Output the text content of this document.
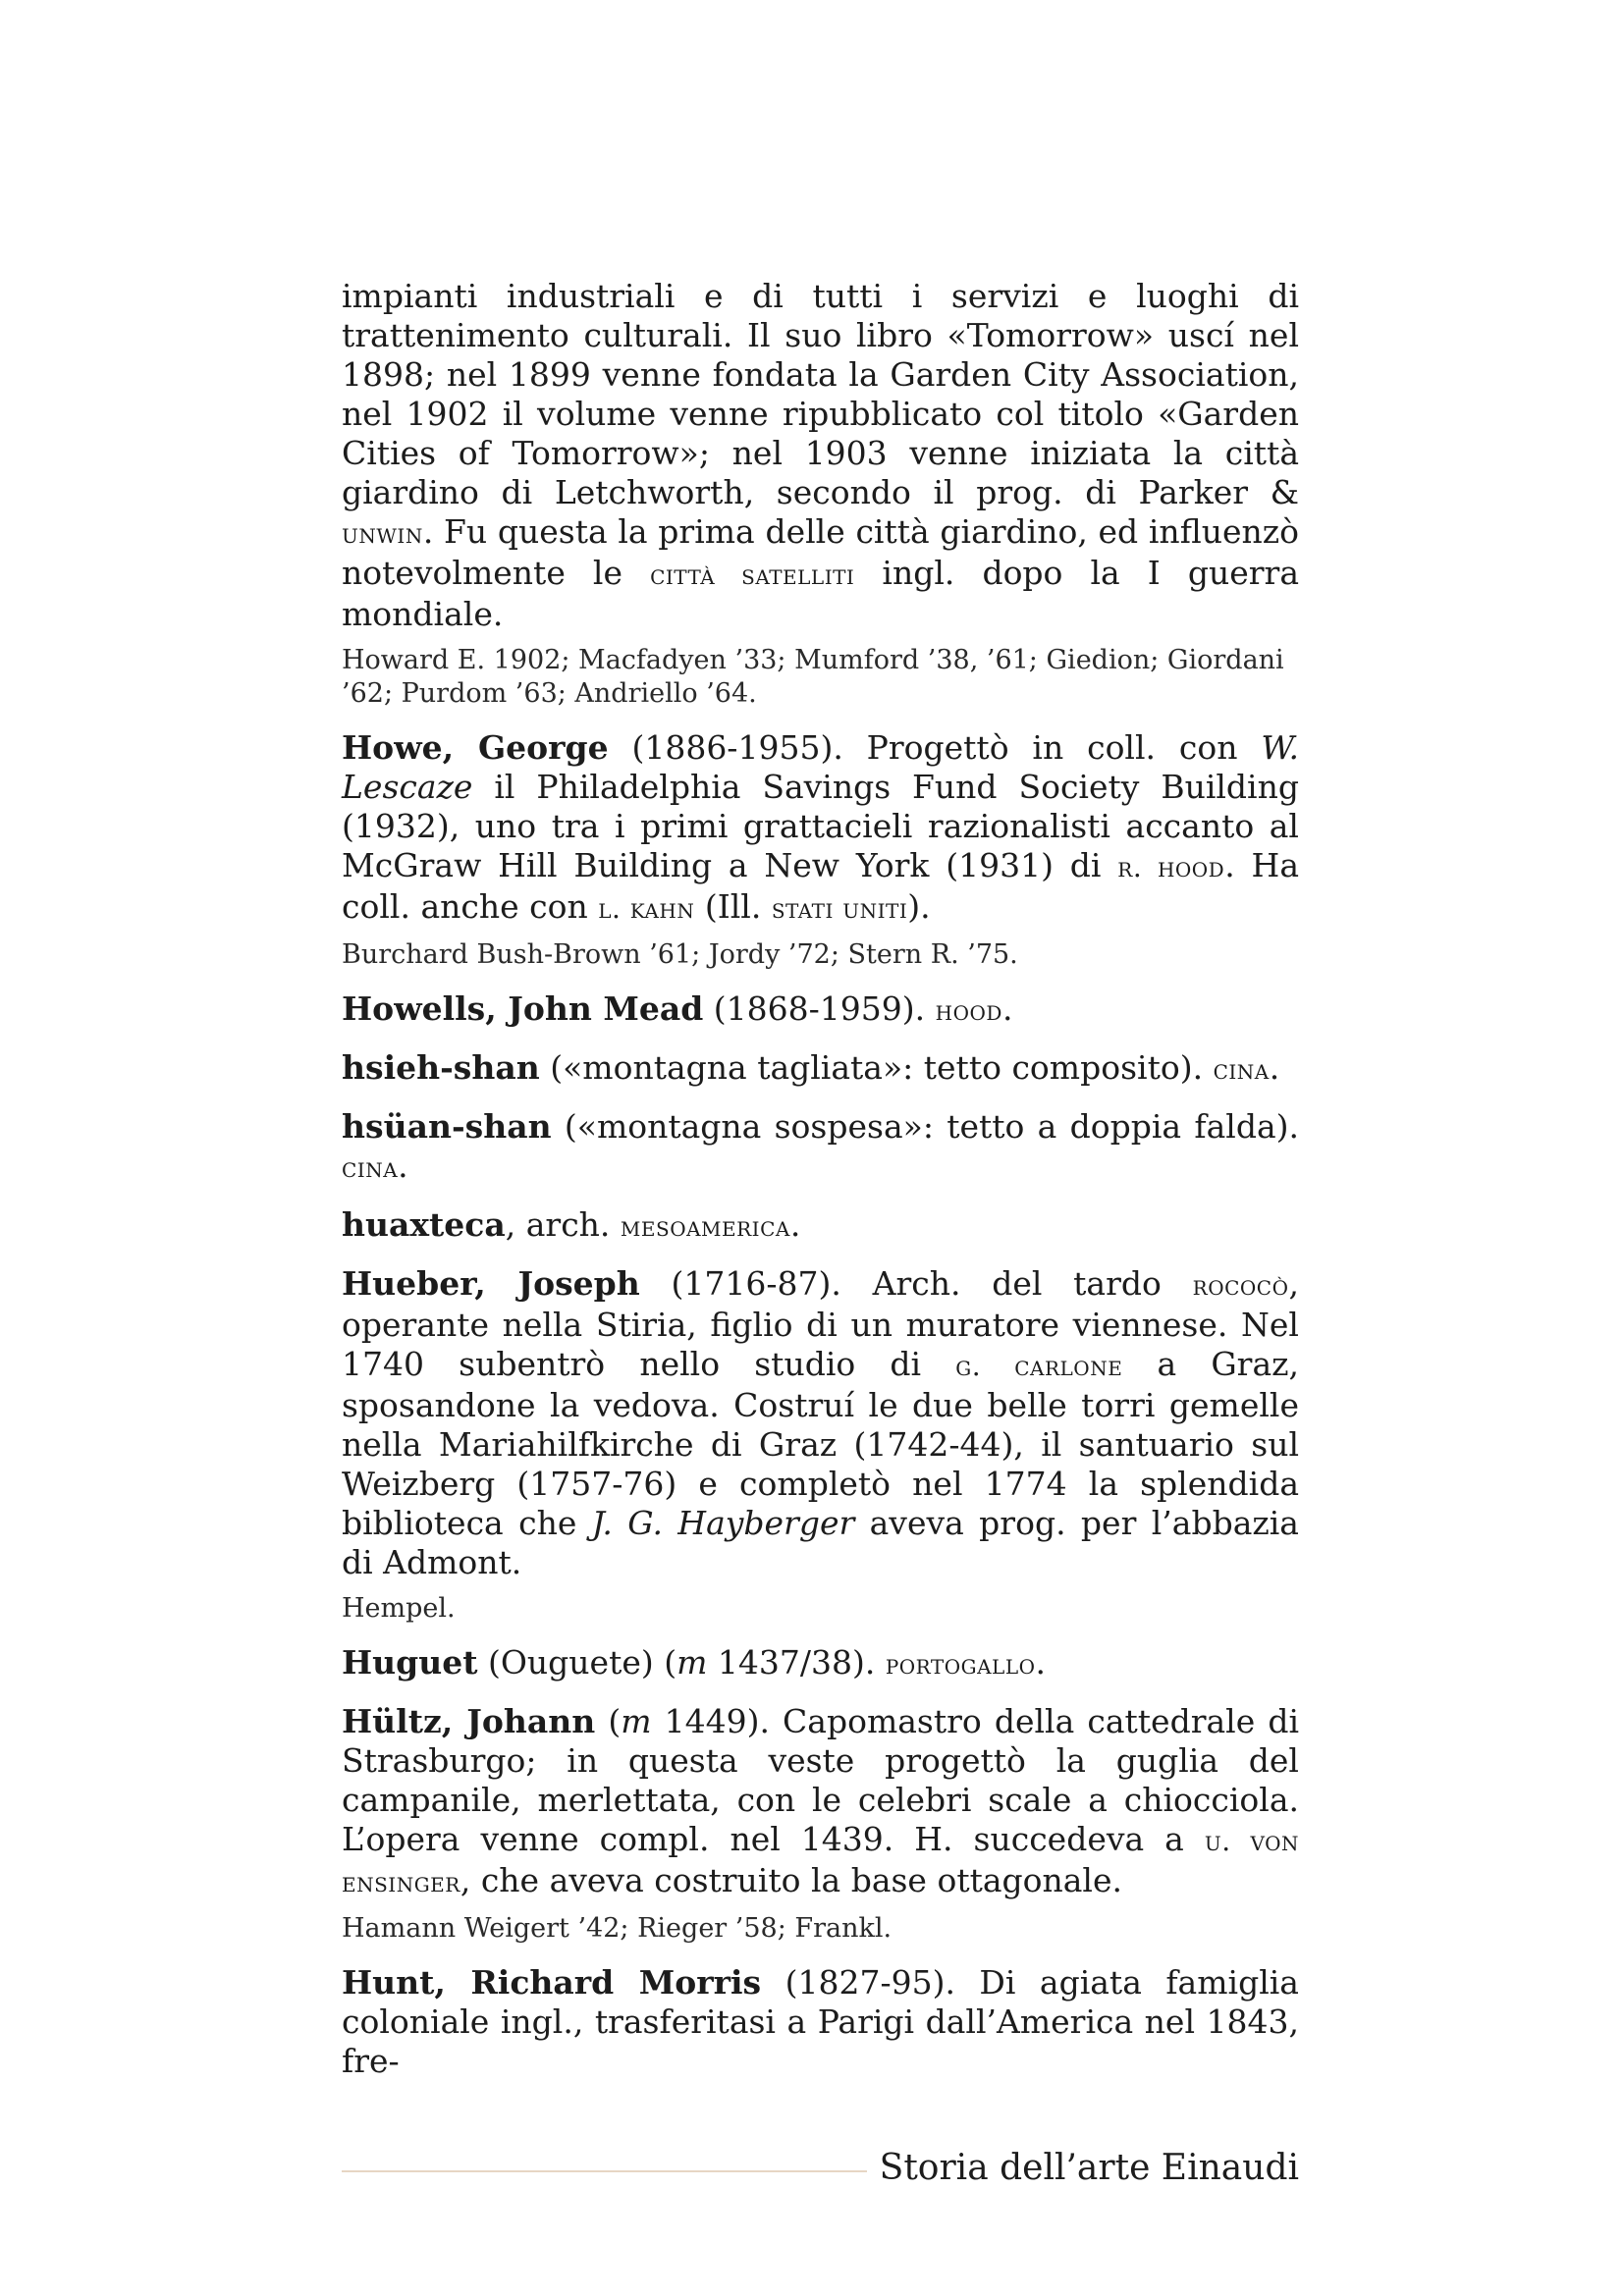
impianti industriali e di tutti i servizi e luoghi di trattenimento culturali. Il suo libro «Tomorrow» uscí nel 1898; nel 1899 venne fondata la Garden City Association, nel 1902 il volume venne ripubblicato col titolo «Garden Cities of Tomorrow»; nel 1903 venne iniziata la città giardino di Letchworth, secondo il prog. di Parker & unwin. Fu questa la prima delle città giardino, ed influenzò notevolmente le città satelliti ingl. dopo la I guerra mondiale.

Howard E. 1902; Macfadyen ’33; Mumford ’38, ’61; Giedion; Giordani ’62; Purdom ’63; Andriello ’64.

Howe, George (1886-1955). Progettò in coll. con W. Lescaze il Philadelphia Savings Fund Society Building (1932), uno tra i primi grattacieli razionalisti accanto al McGraw Hill Building a New York (1931) di r. hood. Ha coll. anche con l. kahn (Ill. stati uniti).

Burchard Bush-Brown ’61; Jordy ’72; Stern R. ’75.

Howells, John Mead (1868-1959). hood.

hsieh-shan («montagna tagliata»: tetto composito). cina.

hsüan-shan («montagna sospesa»: tetto a doppia falda). cina.

huaxteca, arch. mesoamerica.

Hueber, Joseph (1716-87). Arch. del tardo rococò, operante nella Stiria, figlio di un muratore viennese. Nel 1740 subentrò nello studio di g. carlone a Graz, sposandone la vedova. Costruí le due belle torri gemelle nella Mariahilfkirche di Graz (1742-44), il santuario sul Weizberg (1757-76) e completò nel 1774 la splendida biblioteca che J. G. Hayberger aveva prog. per l’abbazia di Admont.

Hempel.

Huguet (Ouguete) (m 1437/38). portogallo.

Hültz, Johann (m 1449). Capomastro della cattedrale di Strasburgo; in questa veste progettò la guglia del campanile, merlettata, con le celebri scale a chiocciola. L’opera venne compl. nel 1439. H. succedeva a u. von ensinger, che aveva costruito la base ottagonale.

Hamann Weigert ’42; Rieger ’58; Frankl.

Hunt, Richard Morris (1827-95). Di agiata famiglia coloniale ingl., trasferitasi a Parigi dall’America nel 1843, fre-

Storia dell’arte Einaudi
